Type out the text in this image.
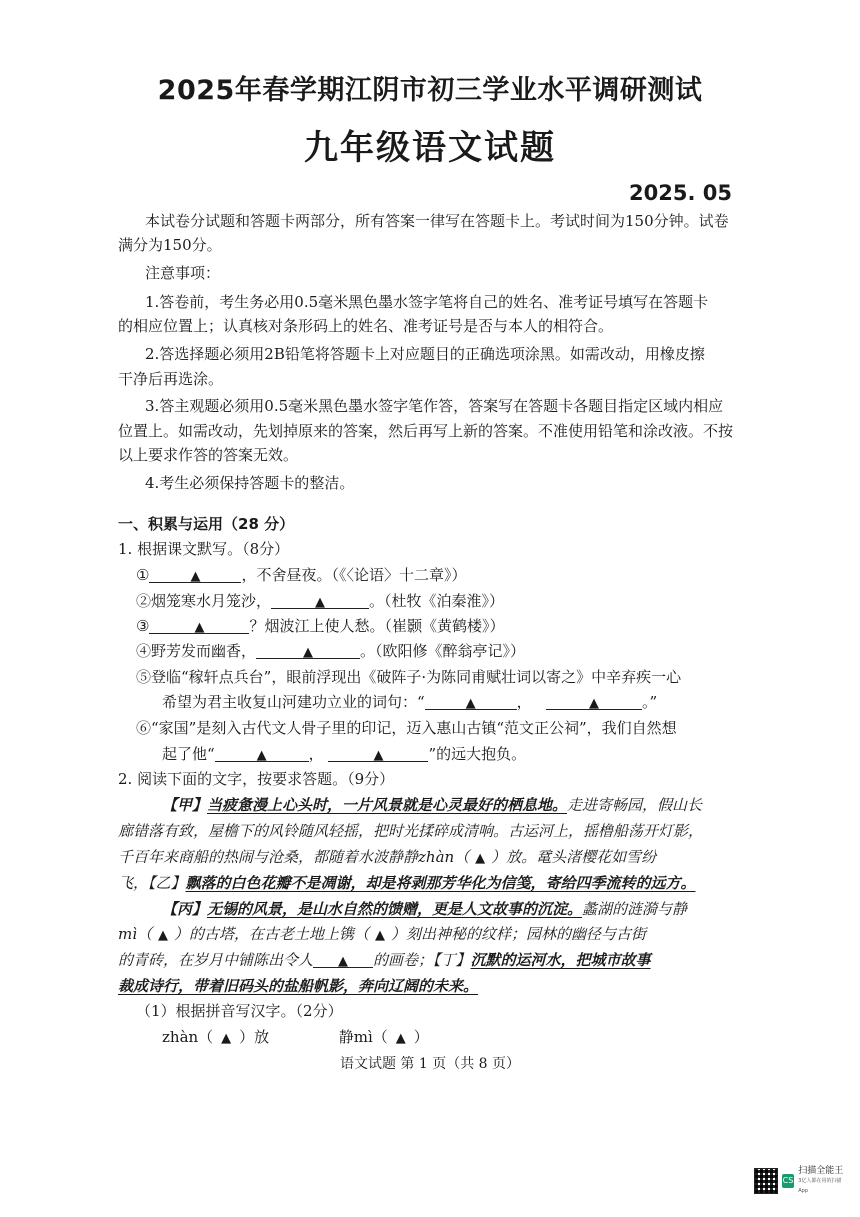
2025年春学期江阴市初三学业水平调研测试
九年级语文试题
2025. 05
本试卷分试题和答题卡两部分，所有答案一律写在答题卡上。考试时间为150分钟。试卷
满分为150分。
注意事项：
1.答卷前，考生务必用0.5毫米黑色墨水签字笔将自己的姓名、准考证号填写在答题卡
的相应位置上；认真核对条形码上的姓名、准考证号是否与本人的相符合。
2.答选择题必须用2B铅笔将答题卡上对应题目的正确选项涂黑。如需改动，用橡皮擦
干净后再选涂。
3.答主观题必须用0.5毫米黑色墨水签字笔作答，答案写在答题卡各题目指定区域内相应
位置上。如需改动，先划掉原来的答案，然后再写上新的答案。不准使用铅笔和涂改液。不按
以上要求作答的答案无效。
4.考生必须保持答题卡的整洁。
一、积累与运用（28 分）
1. 根据课文默写。（8分）
①	▲	，不舍昼夜。（《〈论语〉十二章》）
②烟笼寒水月笼沙，	▲	。（杜牧《泊秦淮》）
③	▲	？烟波江上使人愁。（崔颢《黄鹤楼》）
④野芳发而幽香，	▲	。（欧阳修《醉翁亭记》）
⑤登临“稼轩点兵台”，眼前浮现出《破阵子·为陈同甫赋壮词以寄之》中辛弃疾一心
希望为君主收复山河建功立业的词句：“	▲	，	▲	。”
⑥“家国”是刻入古代文人骨子里的印记，迈入惠山古镇“范文正公祠”，我们自然想
起了他“	▲	，	▲	”的远大抱负。
2. 阅读下面的文字，按要求答题。（9分）
【甲】当疲惫漫上心头时，一片风景就是心灵最好的栖息地。走进寄畅园，假山长
廊错落有致，屋檐下的风铃随风轻摇，把时光揉碎成清响。古运河上，摇橹船荡开灯影，
千百年来商船的热闹与沧桑，都随着水波静静zhàn（ ▲ ）放。鼋头渚樱花如雪纷
飞，【乙】飘落的白色花瓣不是凋谢，却是将剥那芳华化为信笺，寄给四季流转的远方。
【丙】无锡的风景，是山水自然的馈赠，更是人文故事的沉淀。蠡湖的涟漪与静
mì（ ▲ ）的古塔，在古老土地上镌（ ▲ ）刻出神秘的纹样；园林的幽径与古街
的青砖，在岁月中铺陈出令人 ▲ 的画卷；【丁】沉默的运河水，把城市故事
裁成诗行，带着旧码头的盐船帆影，奔向辽阔的未来。
（1）根据拼音写汉字。（2分）
zhàn（ ▲ ）放	静mì（ ▲ ）
语文试题 第 1 页（共 8 页）
CS
扫描全能王
3亿人都在用的扫描App
